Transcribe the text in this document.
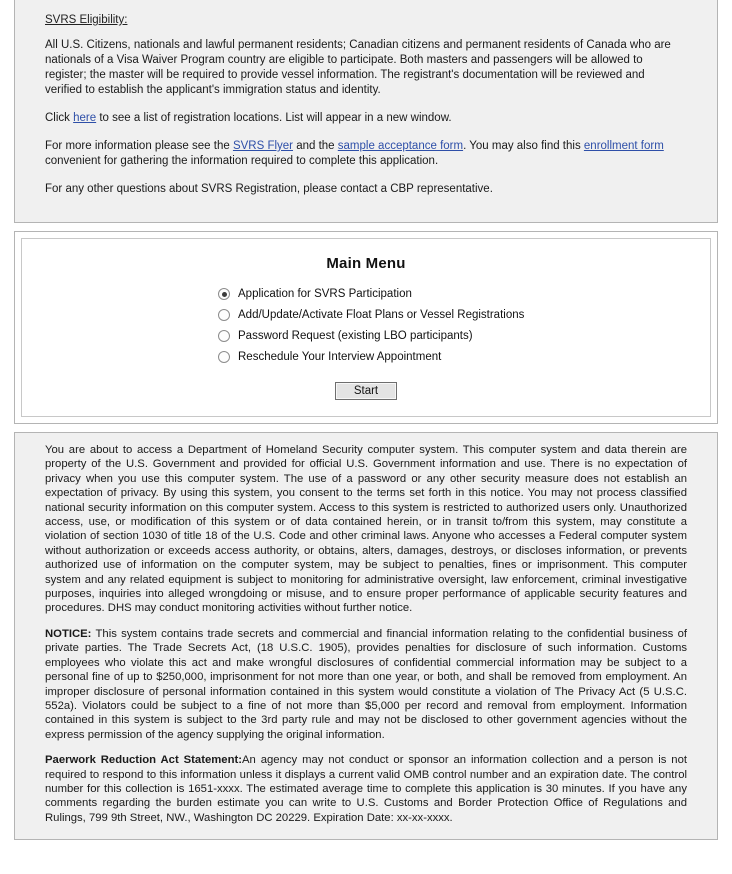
SVRS Eligibility:

All U.S. Citizens, nationals and lawful permanent residents; Canadian citizens and permanent residents of Canada who are nationals of a Visa Waiver Program country are eligible to participate. Both masters and passengers will be allowed to register; the master will be required to provide vessel information. The registrant's documentation will be reviewed and verified to establish the applicant's immigration status and identity.

Click here to see a list of registration locations. List will appear in a new window.

For more information please see the SVRS Flyer and the sample acceptance form. You may also find this enrollment form convenient for gathering the information required to complete this application.

For any other questions about SVRS Registration, please contact a CBP representative.

Main Menu
Application for SVRS Participation
Add/Update/Activate Float Plans or Vessel Registrations
Password Request (existing LBO participants)
Reschedule Your Interview Appointment
Start

You are about to access a Department of Homeland Security computer system. This computer system and data therein are property of the U.S. Government and provided for official U.S. Government information and use. There is no expectation of privacy when you use this computer system. The use of a password or any other security measure does not establish an expectation of privacy. By using this system, you consent to the terms set forth in this notice. You may not process classified national security information on this computer system. Access to this system is restricted to authorized users only. Unauthorized access, use, or modification of this system or of data contained herein, or in transit to/from this system, may constitute a violation of section 1030 of title 18 of the U.S. Code and other criminal laws. Anyone who accesses a Federal computer system without authorization or exceeds access authority, or obtains, alters, damages, destroys, or discloses information, or prevents authorized use of information on the computer system, may be subject to penalties, fines or imprisonment. This computer system and any related equipment is subject to monitoring for administrative oversight, law enforcement, criminal investigative purposes, inquiries into alleged wrongdoing or misuse, and to ensure proper performance of applicable security features and procedures. DHS may conduct monitoring activities without further notice.

NOTICE: This system contains trade secrets and commercial and financial information relating to the confidential business of private parties. The Trade Secrets Act, (18 U.S.C. 1905), provides penalties for disclosure of such information. Customs employees who violate this act and make wrongful disclosures of confidential commercial information may be subject to a personal fine of up to $250,000, imprisonment for not more than one year, or both, and shall be removed from employment. An improper disclosure of personal information contained in this system would constitute a violation of The Privacy Act (5 U.S.C. 552a). Violators could be subject to a fine of not more than $5,000 per record and removal from employment. Information contained in this system is subject to the 3rd party rule and may not be disclosed to other government agencies without the express permission of the agency supplying the original information.

Paerwork Reduction Act Statement:An agency may not conduct or sponsor an information collection and a person is not required to respond to this information unless it displays a current valid OMB control number and an expiration date. The control number for this collection is 1651-xxxx. The estimated average time to complete this application is 30 minutes. If you have any comments regarding the burden estimate you can write to U.S. Customs and Border Protection Office of Regulations and Rulings, 799 9th Street, NW., Washington DC 20229. Expiration Date: xx-xx-xxxx.
